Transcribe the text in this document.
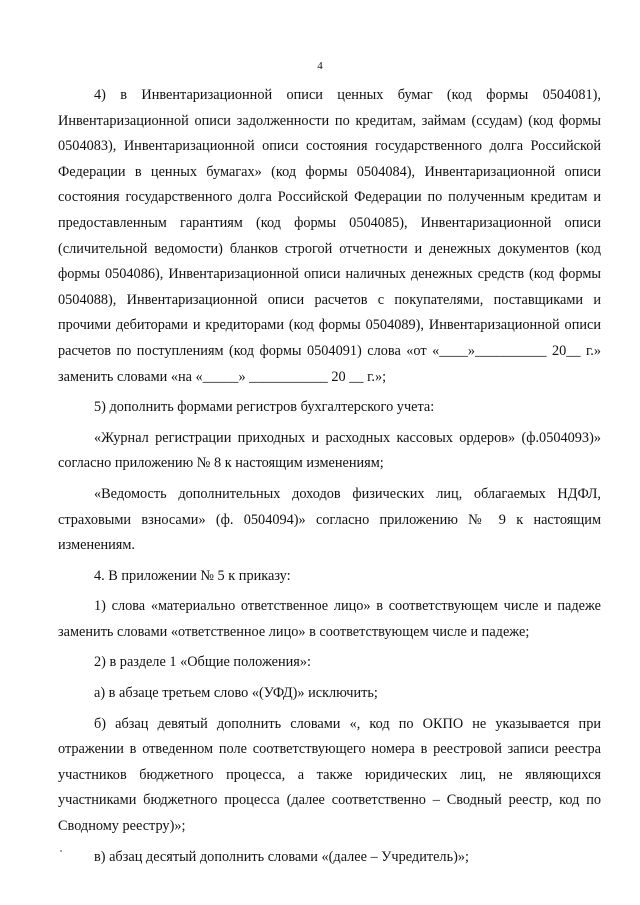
4

4) в Инвентаризационной описи ценных бумаг (код формы 0504081), Инвентаризационной описи задолженности по кредитам, займам (ссудам) (код формы 0504083), Инвентаризационной описи состояния государственного долга Российской Федерации в ценных бумагах» (код формы 0504084), Инвентаризационной описи состояния государственного долга Российской Федерации по полученным кредитам и предоставленным гарантиям (код формы 0504085), Инвентаризационной описи (сличительной ведомости) бланков строгой отчетности и денежных документов (код формы 0504086), Инвентаризационной описи наличных денежных средств (код формы 0504088), Инвентаризационной описи расчетов с покупателями, поставщиками и прочими дебиторами и кредиторами (код формы 0504089), Инвентаризационной описи расчетов по поступлениям (код формы 0504091) слова «от «____»__________ 20__ г.» заменить словами «на «_____» ___________ 20 __ г.»;

5) дополнить формами регистров бухгалтерского учета:

«Журнал регистрации приходных и расходных кассовых ордеров» (ф.0504093)» согласно приложению № 8 к настоящим изменениям;

«Ведомость дополнительных доходов физических лиц, облагаемых НДФЛ, страховыми взносами» (ф. 0504094)» согласно приложению № 9 к настоящим изменениям.

4. В приложении № 5 к приказу:

1) слова «материально ответственное лицо» в соответствующем числе и падеже заменить словами «ответственное лицо» в соответствующем числе и падеже;

2) в разделе 1 «Общие положения»:

а) в абзаце третьем слово «(УФД)» исключить;

б) абзац девятый дополнить словами «, код по ОКПО не указывается при отражении в отведенном поле соответствующего номера в реестровой записи реестра участников бюджетного процесса, а также юридических лиц, не являющихся участниками бюджетного процесса (далее соответственно – Сводный реестр, код по Сводному реестру)»;

в) абзац десятый дополнить словами «(далее – Учредитель)»;
